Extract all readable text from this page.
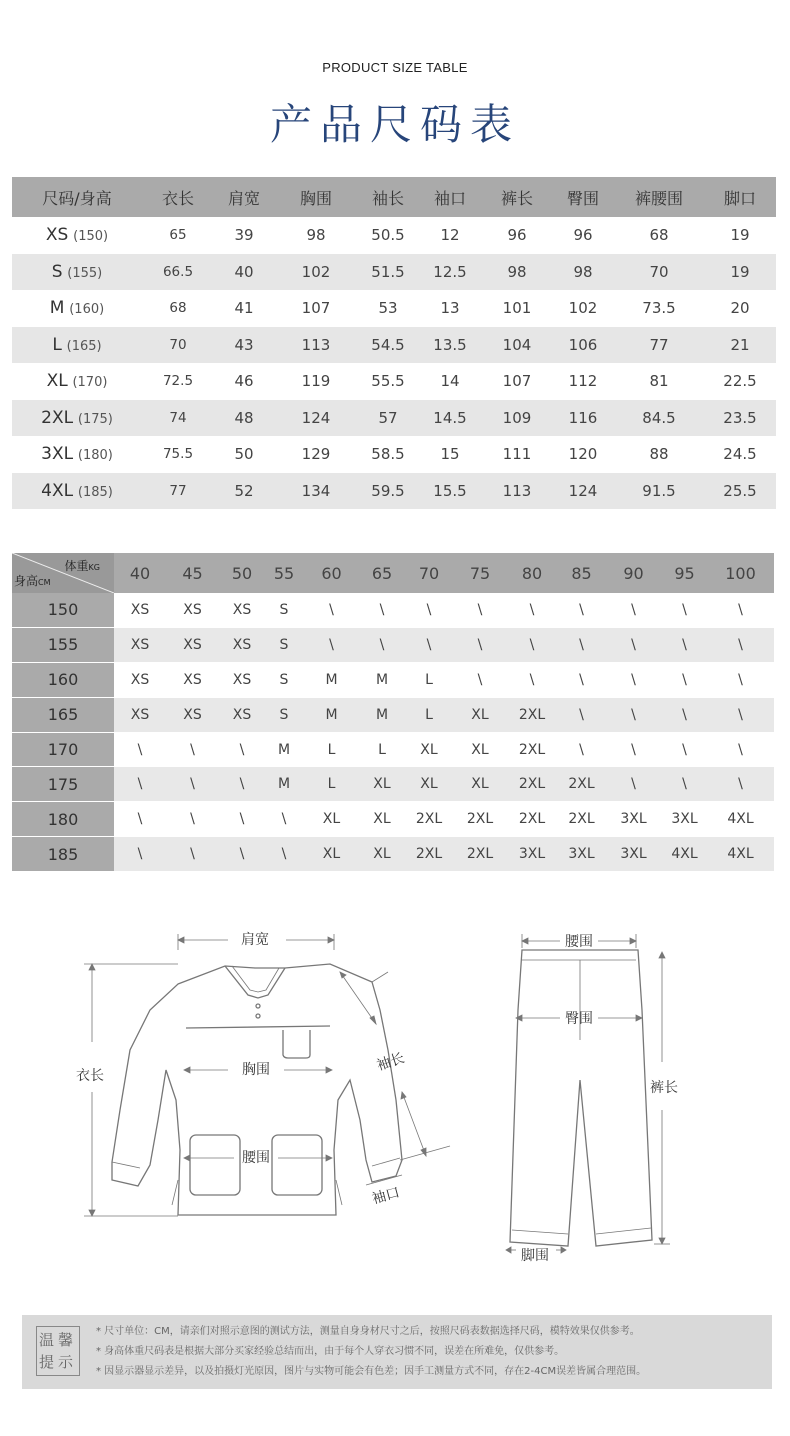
PRODUCT SIZE TABLE
产品尺码表
尺码/身高	衣长	肩宽	胸围	袖长	袖口	裤长	臀围	裤腰围	脚口
XS (150)	65	39	98	50.5	12	96	96	68	19
S (155)	66.5	40	102	51.5	12.5	98	98	70	19
M (160)	68	41	107	53	13	101	102	73.5	20
L (165)	70	43	113	54.5	13.5	104	106	77	21
XL (170)	72.5	46	119	55.5	14	107	112	81	22.5
2XL (175)	74	48	124	57	14.5	109	116	84.5	23.5
3XL (180)	75.5	50	129	58.5	15	111	120	88	24.5
4XL (185)	77	52	134	59.5	15.5	113	124	91.5	25.5
体重KG
身高CM	40	45	50	55	60	65	70	75	80	85	90	95	100
150	XS	XS	XS	S	\	\	\	\	\	\	\	\	\
155	XS	XS	XS	S	\	\	\	\	\	\	\	\	\
160	XS	XS	XS	S	M	M	L	\	\	\	\	\	\
165	XS	XS	XS	S	M	M	L	XL	2XL	\	\	\	\
170	\	\	\	M	L	L	XL	XL	2XL	\	\	\	\
175	\	\	\	M	L	XL	XL	XL	2XL	2XL	\	\	\
180	\	\	\	\	XL	XL	2XL	2XL	2XL	2XL	3XL	3XL	4XL
185	\	\	\	\	XL	XL	2XL	2XL	3XL	3XL	3XL	4XL	4XL
肩宽
衣长	胸围
腰围
袖长
袖口
腰围
臀围
裤长
脚围
温馨
提示
* 尺寸单位：CM，请亲们对照示意图的测试方法，测量自身身材尺寸之后，按照尺码表数据选择尺码，模特效果仅供参考。
* 身高体重尺码表是根据大部分买家经验总结而出，由于每个人穿衣习惯不同，误差在所难免，仅供参考。
* 因显示器显示差异，以及拍摄灯光原因，图片与实物可能会有色差；因手工测量方式不同，存在2-4CM误差皆属合理范围。
